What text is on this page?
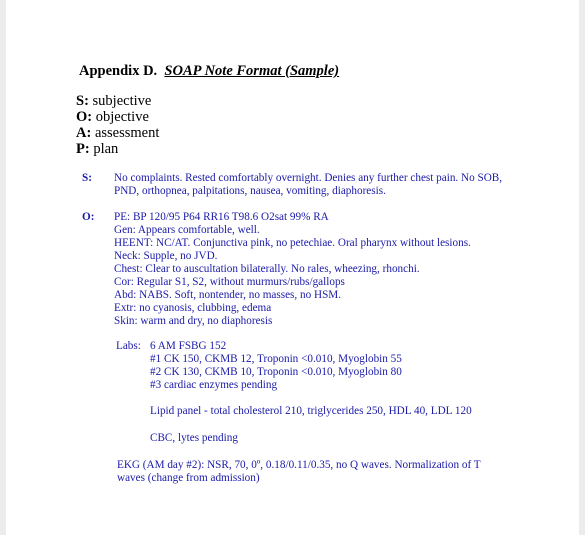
Appendix D. SOAP Note Format (Sample)
S: subjective
O: objective
A: assessment
P: plan
S: No complaints. Rested comfortably overnight. Denies any further chest pain. No SOB,
PND, orthopnea, palpitations, nausea, vomiting, diaphoresis.
O: PE: BP 120/95 P64 RR16 T98.6 O2sat 99% RA
Gen: Appears comfortable, well.
HEENT: NC/AT. Conjunctiva pink, no petechiae. Oral pharynx without lesions.
Neck: Supple, no JVD.
Chest: Clear to auscultation bilaterally. No rales, wheezing, rhonchi.
Cor: Regular S1, S2, without murmurs/rubs/gallops
Abd: NABS. Soft, nontender, no masses, no HSM.
Extr: no cyanosis, clubbing, edema
Skin: warm and dry, no diaphoresis
Labs: 6 AM FSBG 152
#1 CK 150, CKMB 12, Troponin <0.010, Myoglobin 55
#2 CK 130, CKMB 10, Troponin <0.010, Myoglobin 80
#3 cardiac enzymes pending
Lipid panel - total cholesterol 210, triglycerides 250, HDL 40, LDL 120
CBC, lytes pending
EKG (AM day #2): NSR, 70, 0º, 0.18/0.11/0.35, no Q waves. Normalization of T
waves (change from admission)
